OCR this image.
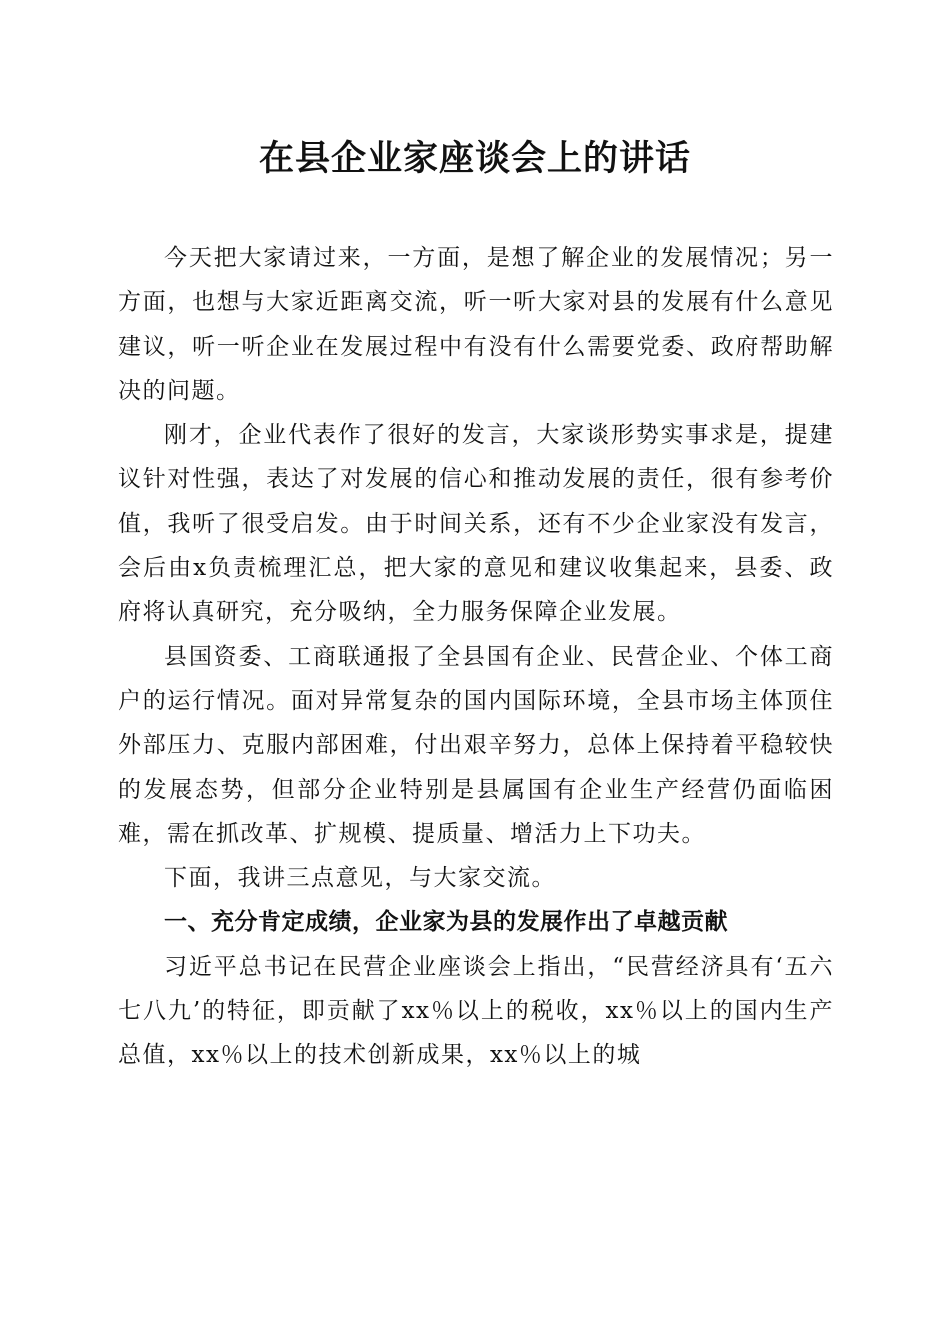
在县企业家座谈会上的讲话

今天把大家请过来，一方面，是想了解企业的发展情况；另一方面，也想与大家近距离交流，听一听大家对县的发展有什么意见建议，听一听企业在发展过程中有没有什么需要党委、政府帮助解决的问题。

刚才，企业代表作了很好的发言，大家谈形势实事求是，提建议针对性强，表达了对发展的信心和推动发展的责任，很有参考价值，我听了很受启发。由于时间关系，还有不少企业家没有发言，会后由x负责梳理汇总，把大家的意见和建议收集起来，县委、政府将认真研究，充分吸纳，全力服务保障企业发展。

县国资委、工商联通报了全县国有企业、民营企业、个体工商户的运行情况。面对异常复杂的国内国际环境，全县市场主体顶住外部压力、克服内部困难，付出艰辛努力，总体上保持着平稳较快的发展态势，但部分企业特别是县属国有企业生产经营仍面临困难，需在抓改革、扩规模、提质量、增活力上下功夫。

下面，我讲三点意见，与大家交流。

一、充分肯定成绩，企业家为县的发展作出了卓越贡献

习近平总书记在民营企业座谈会上指出，“民营经济具有‘五六七八九’的特征，即贡献了xx％以上的税收，xx％以上的国内生产总值，xx％以上的技术创新成果，xx％以上的城
